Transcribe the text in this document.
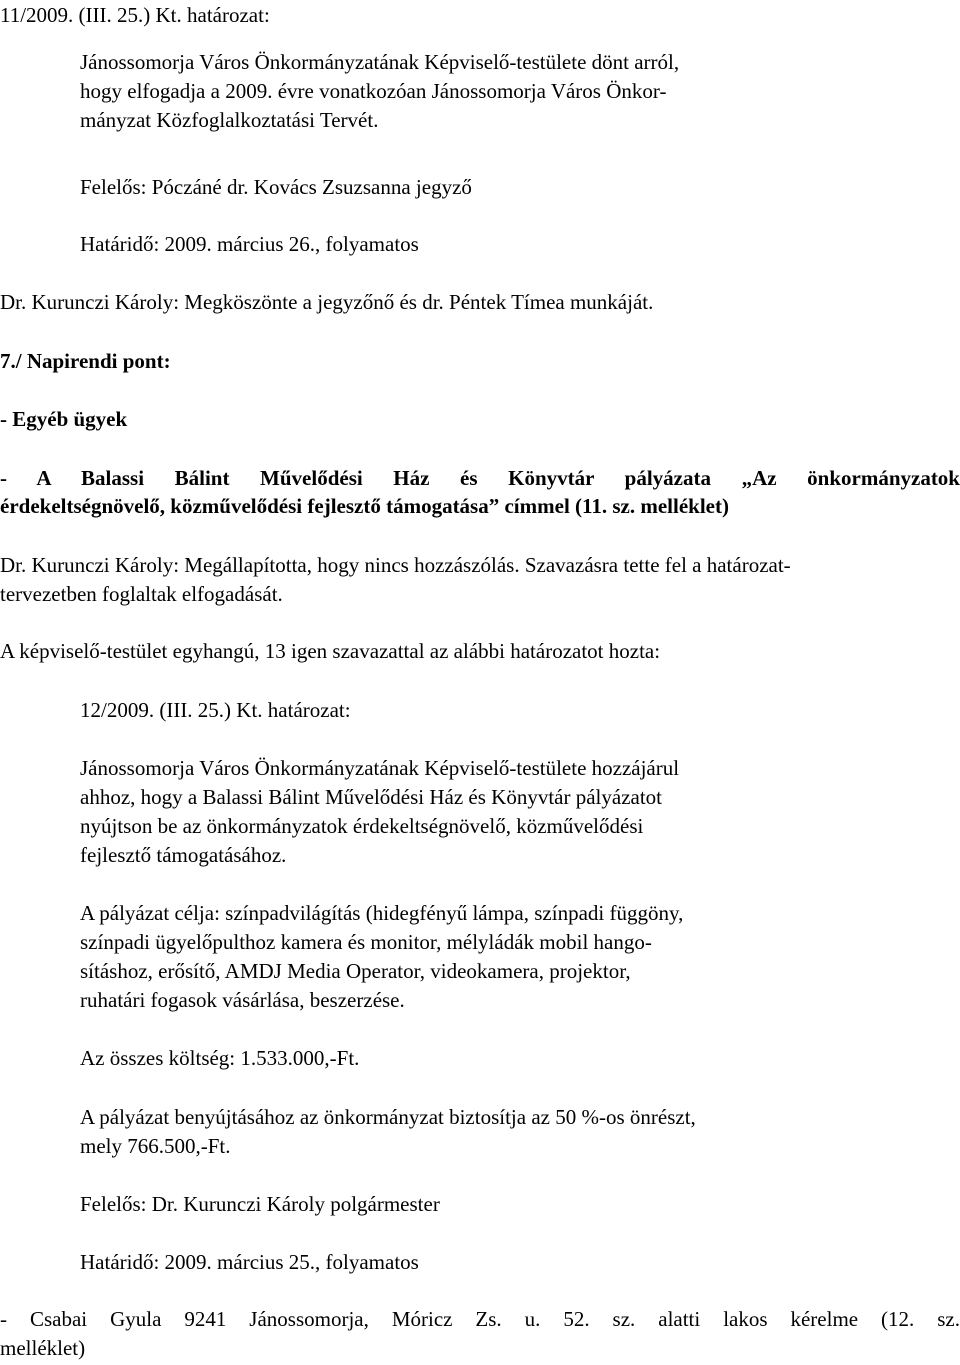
11/2009. (III. 25.) Kt. határozat:
Jánossomorja Város Önkormányzatának Képviselő-testülete dönt arról,
hogy elfogadja a 2009. évre vonatkozóan Jánossomorja Város Önkor-
mányzat Közfoglalkoztatási Tervét.
Felelős: Póczáné dr. Kovács Zsuzsanna jegyző
Határidő: 2009. március 26., folyamatos
Dr. Kurunczi Károly: Megköszönte a jegyzőnő és dr. Péntek Tímea munkáját.
7./ Napirendi pont:
- Egyéb ügyek
- A Balassi Bálint Művelődési Ház és Könyvtár pályázata „Az önkormányzatok
érdekeltségnövelő, közművelődési fejlesztő támogatása” címmel (11. sz. melléklet)
Dr. Kurunczi Károly: Megállapította, hogy nincs hozzászólás. Szavazásra tette fel a határozat-
tervezetben foglaltak elfogadását.
A képviselő-testület egyhangú, 13 igen szavazattal az alábbi határozatot hozta:
12/2009. (III. 25.) Kt. határozat:
Jánossomorja Város Önkormányzatának Képviselő-testülete hozzájárul
ahhoz, hogy a Balassi Bálint Művelődési Ház és Könyvtár pályázatot
nyújtson be az önkormányzatok érdekeltségnövelő, közművelődési
fejlesztő támogatásához.
A pályázat célja: színpadvilágítás (hidegfényű lámpa, színpadi függöny,
színpadi ügyelőpulthoz kamera és monitor, mélyládák mobil hango-
sításhoz, erősítő, AMDJ Media Operator, videokamera, projektor,
ruhatári fogasok vásárlása, beszerzése.
Az összes költség: 1.533.000,-Ft.
A pályázat benyújtásához az önkormányzat biztosítja az 50 %-os önrészt,
mely 766.500,-Ft.
Felelős: Dr. Kurunczi Károly polgármester
Határidő: 2009. március 25., folyamatos
- Csabai Gyula 9241 Jánossomorja, Móricz Zs. u. 52. sz. alatti lakos kérelme (12. sz.
melléklet)
